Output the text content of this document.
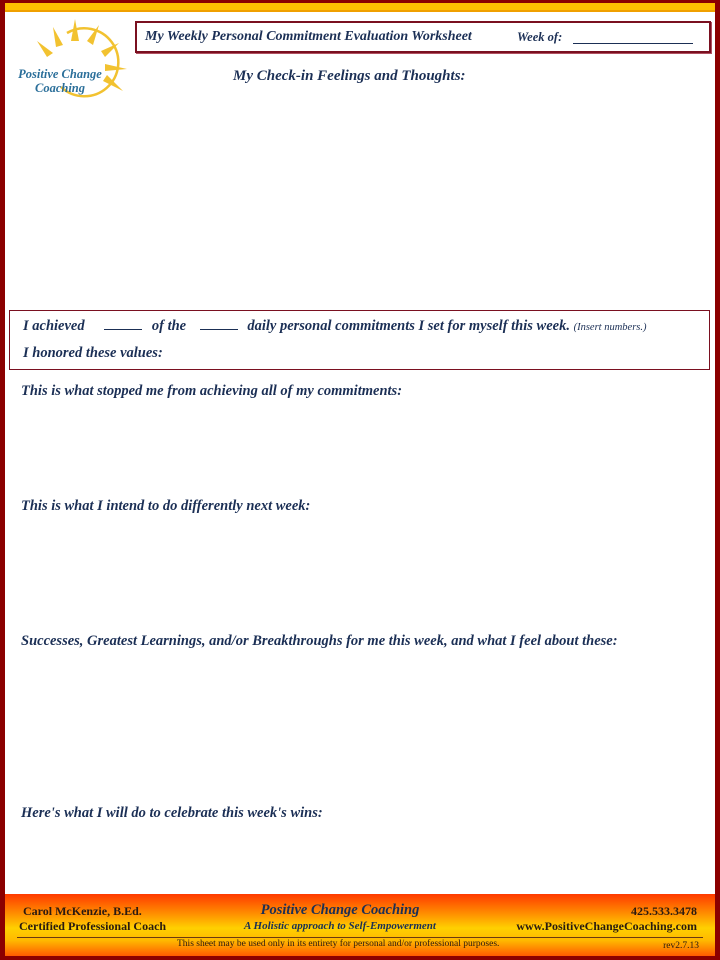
Positive Change
Coaching
My Weekly Personal Commitment Evaluation Worksheet	Week of:
My Check-in Feelings and Thoughts:
I achieved	of the	daily personal commitments I set for myself this week. (Insert numbers.)
I honored these values:
This is what stopped me from achieving all of my commitments:
This is what I intend to do differently next week:
Successes, Greatest Learnings, and/or Breakthroughs for me this week, and what I feel about these:
Here's what I will do to celebrate this week's wins:
Carol McKenzie, B.Ed.
Certified Professional Coach
Positive Change Coaching
A Holistic approach to Self-Empowerment
425.533.3478
www.PositiveChangeCoaching.com
This sheet may be used only in its entirety for personal and/or professional purposes.	rev2.7.13
